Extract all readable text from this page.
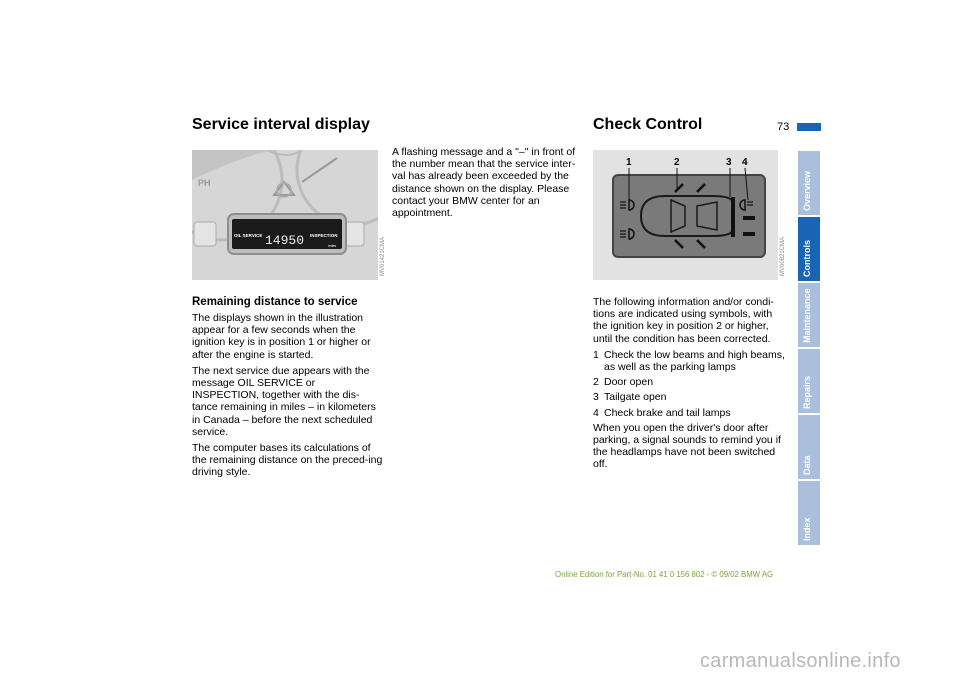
Service interval display	Check Control	73
PH
OIL SERVICE 14950 INSPECTION
miles	MV01421CMA
Remaining distance to service

The displays shown in the illustration appear for a few seconds when the ignition key is in position 1 or higher or after the engine is started.

The next service due appears with the message OIL SERVICE or INSPECTION, together with the dis-tance remaining in miles – in kilometers in Canada – before the next scheduled service.

The computer bases its calculations of the remaining distance on the preced-ing driving style.

A flashing message and a "–" in front of the number mean that the service inter-val has already been exceeded by the distance shown on the display. Please contact your BMW center for an appointment.

1	2	3 4
MV00821CMA

The following information and/or condi-tions are indicated using symbols, with the ignition key in position 2 or higher, until the condition has been corrected.

1 Check the low beams and high beams, as well as the parking lamps
2 Door open
3 Tailgate open
4 Check brake and tail lamps

When you open the driver's door after parking, a signal sounds to remind you if the headlamps have not been switched off.

Overview
Controls
Maintenance
Repairs
Data
Index
Online Edition for Part-No. 01 41 0 156 802 - © 09/02 BMW AG
carmanualsonline.info
